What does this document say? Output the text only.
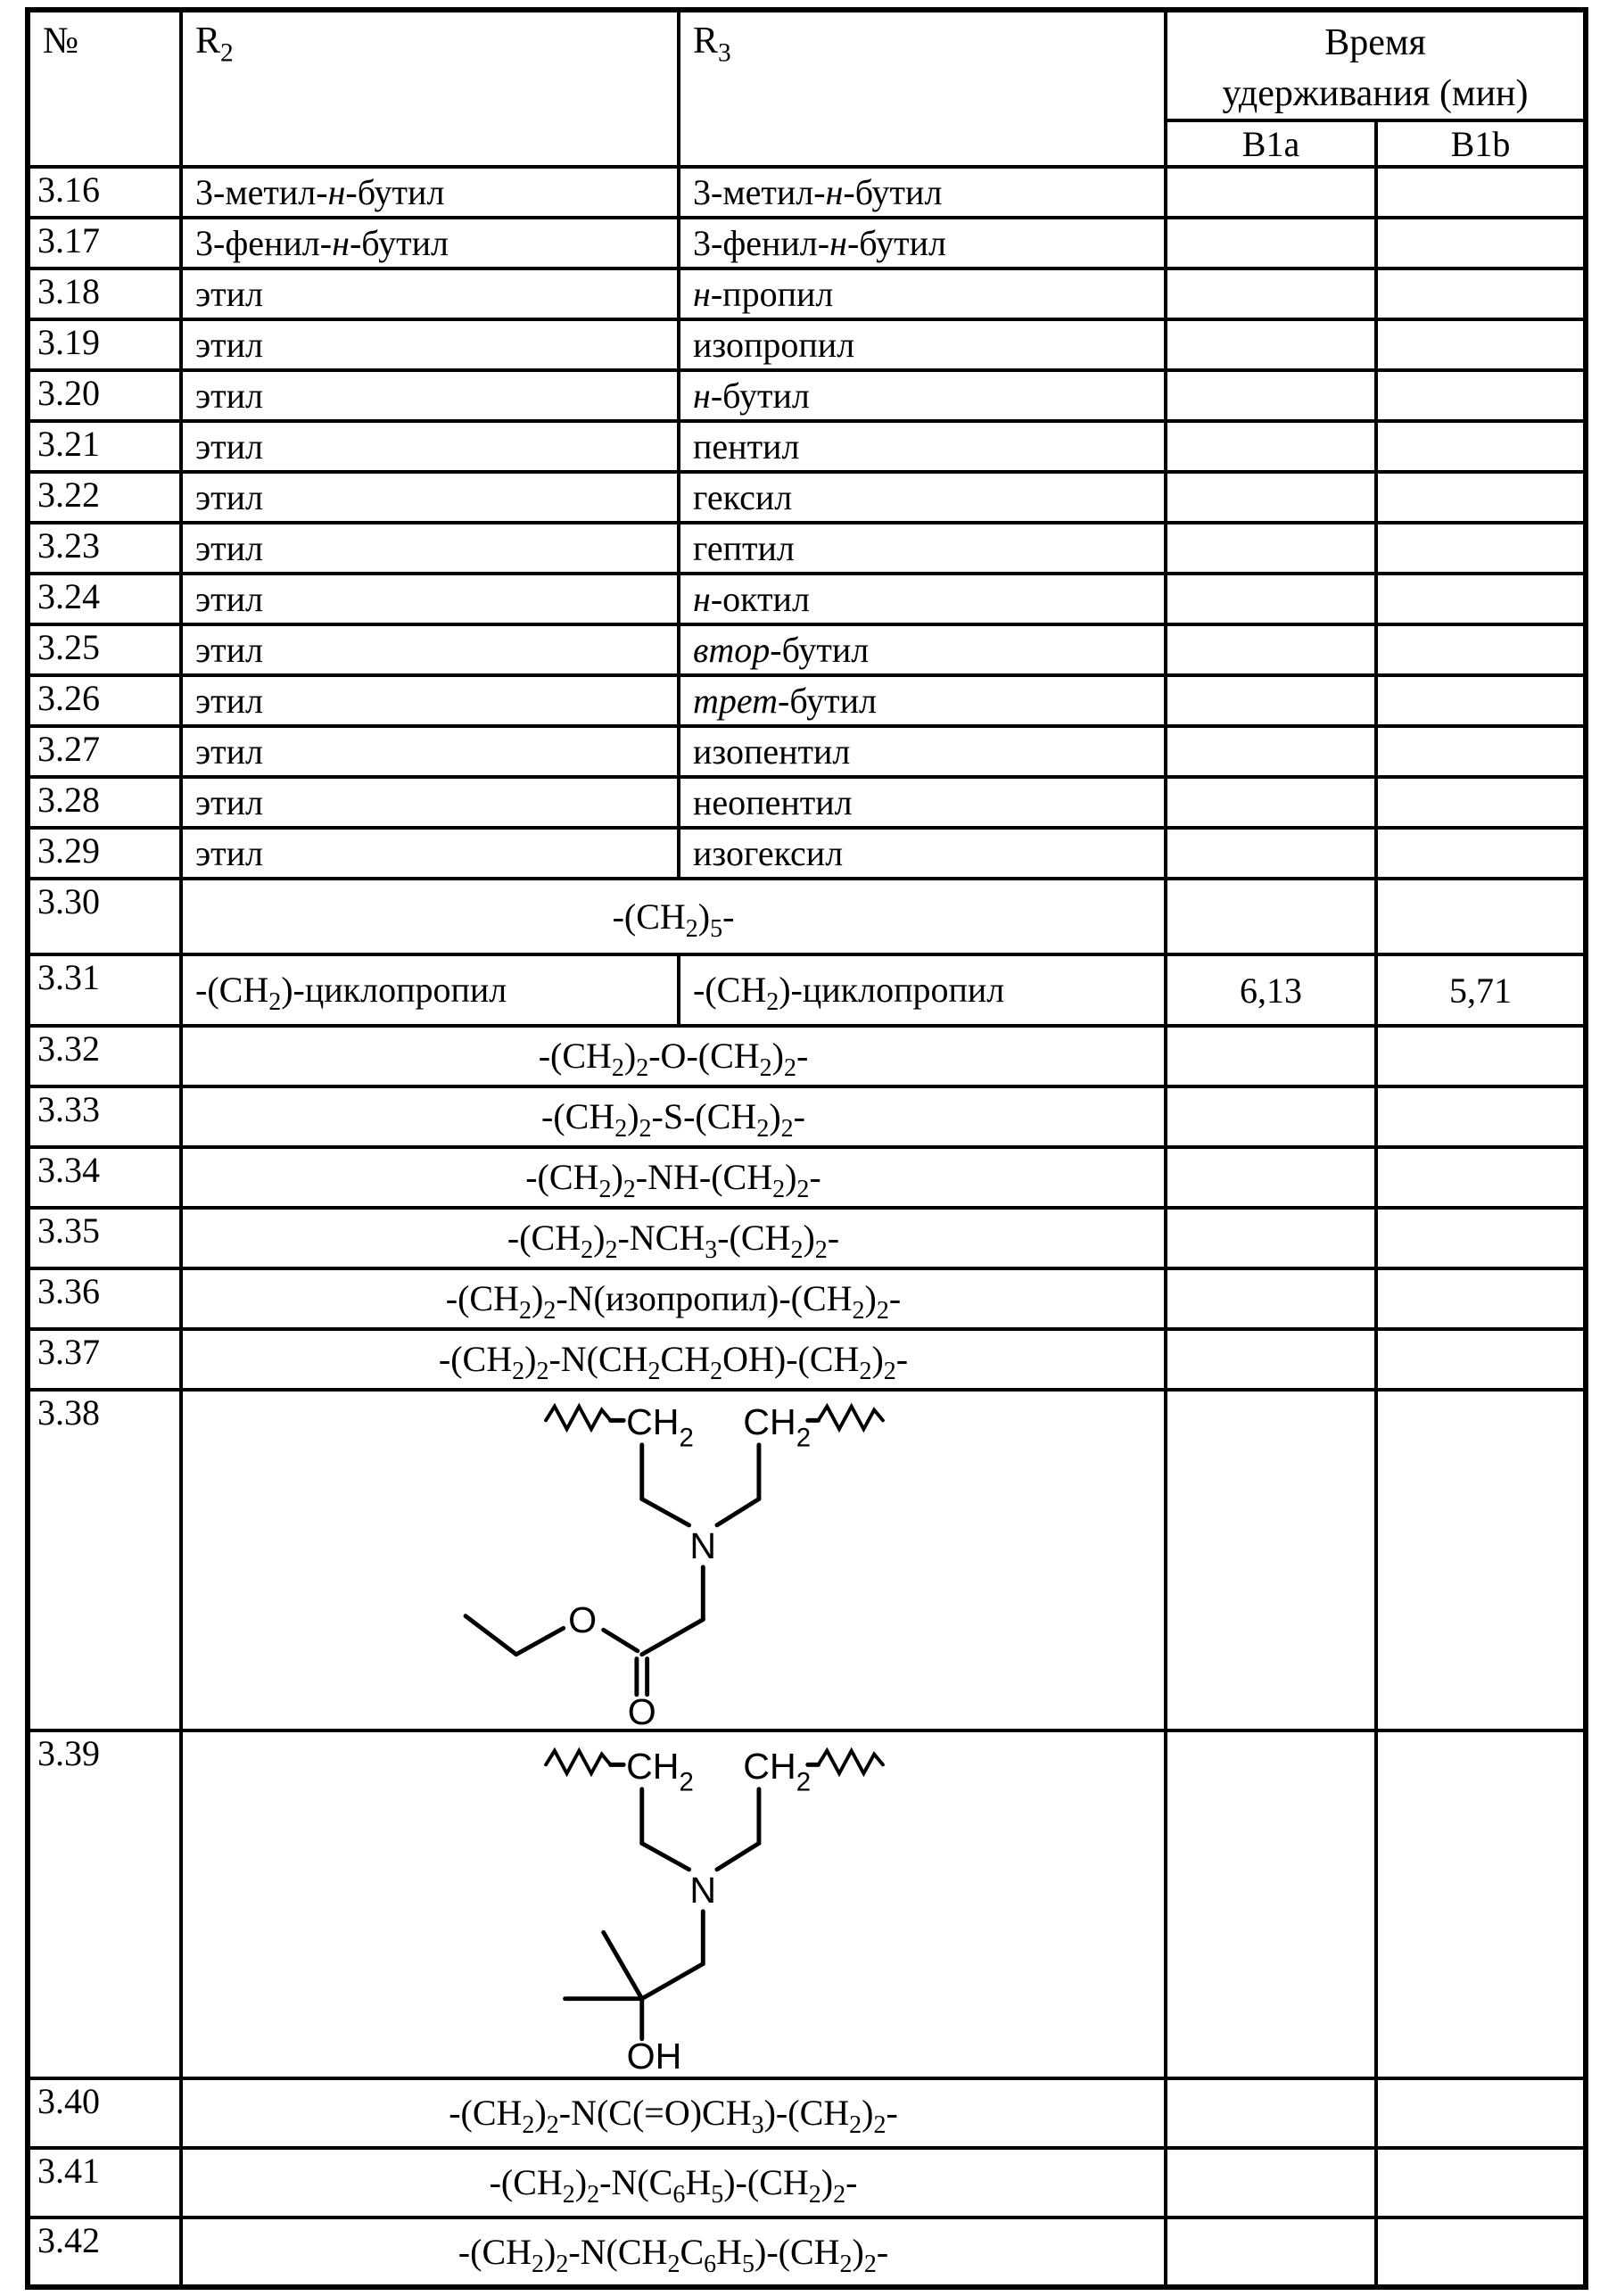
№	$R_2$	$R_3$	Время
удерживания (мин)	

			B1a	B1b
3.16	3-метил-н-бутил	3-метил-н-бутил		
3.17	3-фенил-н-бутил	3-фенил-н-бутил		
3.18	этил	н-пропил		
3.19	этил	изопропил		
3.20	этил	н-бутил		
3.21	этил	пентил		
3.22	этил	гексил		
3.23	этил	гептил		
3.24	этил	н-октил		
3.25	этил	втор-бутил		
3.26	этил	трет-бутил		
3.27	этил	изопентил		
3.28	этил	неопентил		
3.29	этил	изогексил		
3.30	$-(CH_2)_5-$			
3.31	$-(CH_2)$-циклопропил	$-(CH_2)$-циклопропил	6,13	5,71
3.32	$-(CH_2)_2-O-(CH_2)_2-$			
3.33	$-(CH_2)_2-S-(CH_2)_2-$			
3.34	$-(CH_2)_2-NH-(CH_2)_2-$			
3.35	$-(CH_2)_2-NCH_3-(CH_2)_2-$			
3.36	$-(CH_2)_2-N(изопропил)-(CH_2)_2-$			
3.37	$-(CH_2)_2-N(CH_2CH_2OH)-(CH_2)_2-$			
3.38	$CH_2$ $CH_2$
N
O
O			

3.39	$CH_2$ $CH_2$
N
OH			

3.40	$-(CH_2)_2-N(C(=O)CH_3)-(CH_2)_2-$			
3.41	$-(CH_2)_2-N(C_6H_5)-(CH_2)_2-$			
3.42	$-(CH_2)_2-N(CH_2C_6H_5)-(CH_2)_2-$			
